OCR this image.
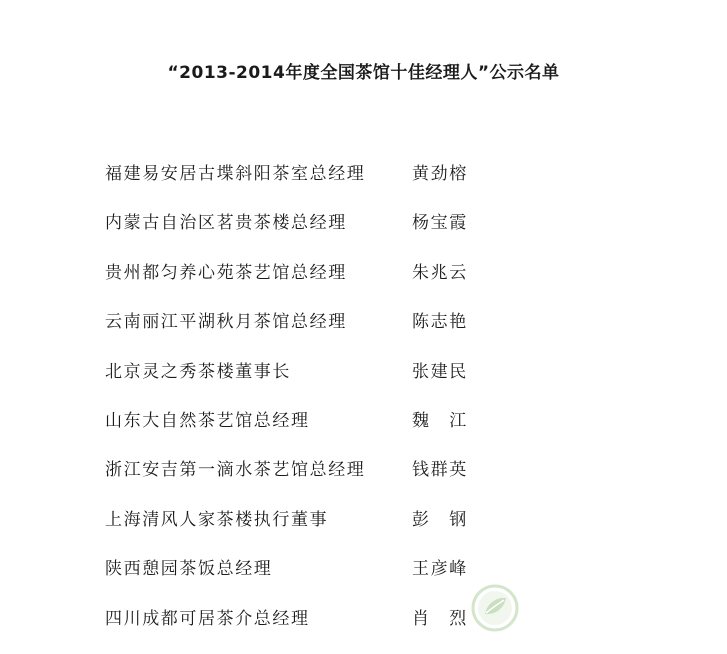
“2013-2014年度全国茶馆十佳经理人”公示名单
福建易安居古堞斜阳茶室总经理	黄劲榕
内蒙古自治区茗贵茶楼总经理	杨宝霞
贵州都匀养心苑茶艺馆总经理	朱兆云
云南丽江平湖秋月茶馆总经理	陈志艳
北京灵之秀茶楼董事长	张建民
山东大自然茶艺馆总经理	魏　江
浙江安吉第一滴水茶艺馆总经理	钱群英
上海清风人家茶楼执行董事	彭　钢
陕西憩园茶饭总经理	王彦峰
四川成都可居茶介总经理	肖　烈
